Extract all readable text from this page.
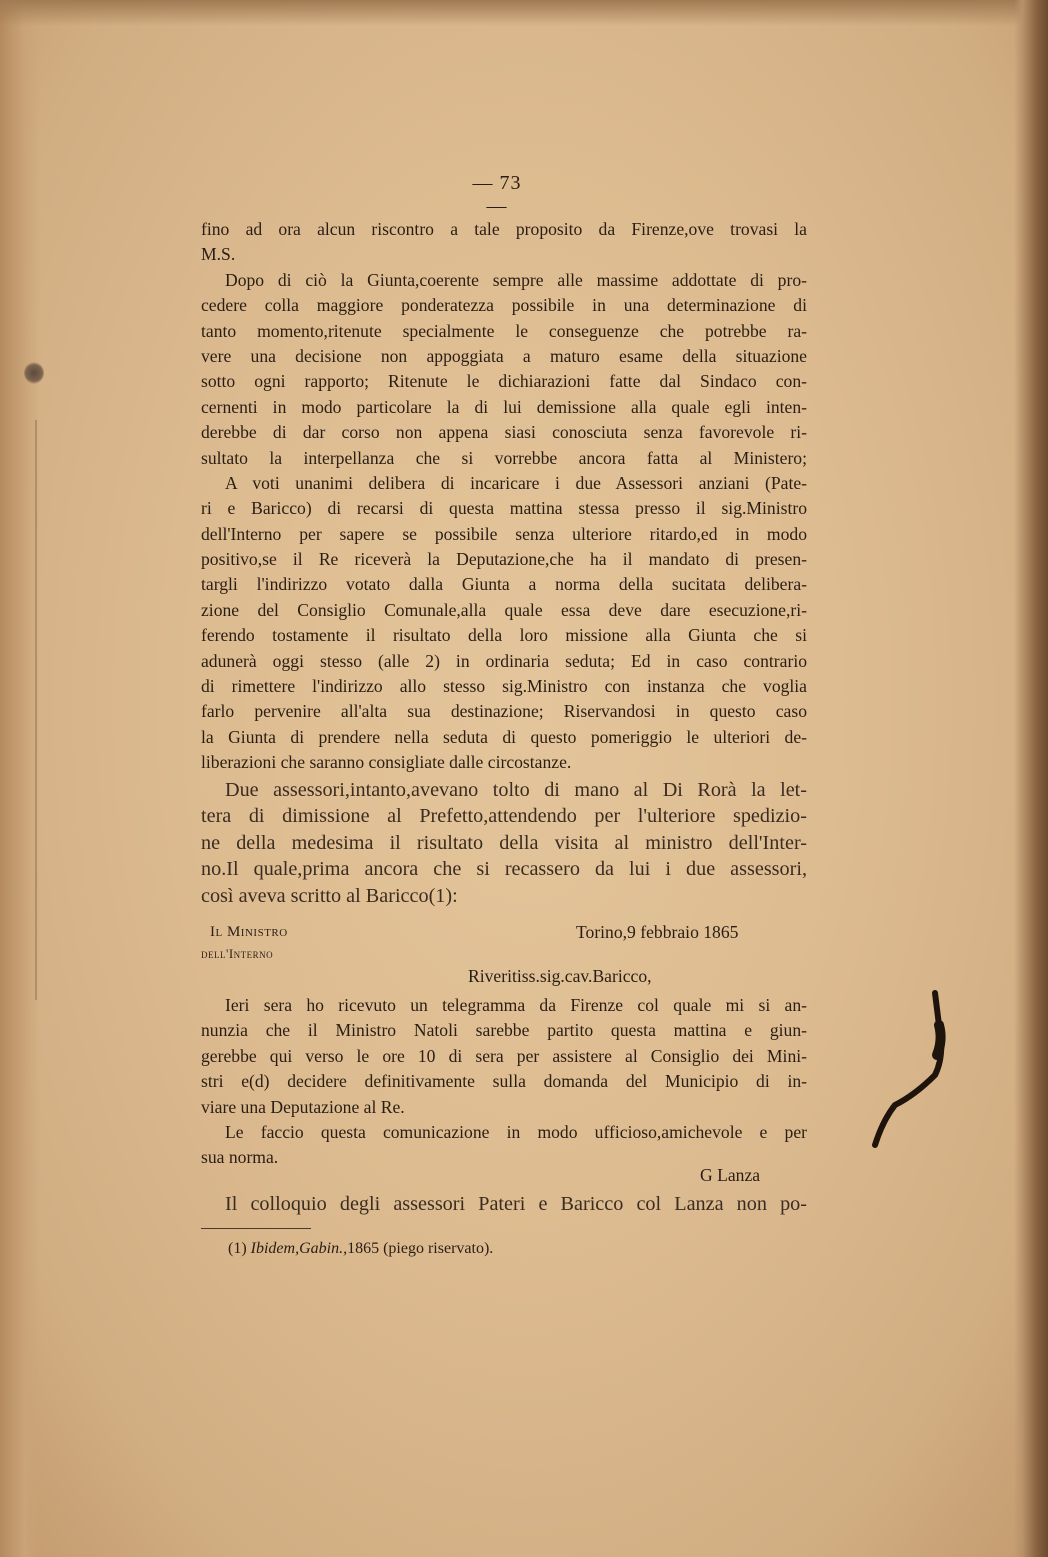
— 73 —
fino ad ora alcun riscontro a tale proposito da Firenze,ove trovasi la
M.S.
Dopo di ciò la Giunta,coerente sempre alle massime addottate di pro-
cedere colla maggiore ponderatezza possibile in una determinazione di
tanto momento,ritenute specialmente le conseguenze che potrebbe ra-
vere una decisione non appoggiata a maturo esame della situazione
sotto ogni rapporto; Ritenute le dichiarazioni fatte dal Sindaco con-
cernenti in modo particolare la di lui demissione alla quale egli inten-
derebbe di dar corso non appena siasi conosciuta senza favorevole ri-
sultato la interpellanza che si vorrebbe ancora fatta al Ministero;
A voti unanimi delibera di incaricare i due Assessori anziani (Pate-
ri e Baricco) di recarsi di questa mattina stessa presso il sig.Ministro
dell'Interno per sapere se possibile senza ulteriore ritardo,ed in modo
positivo,se il Re riceverà la Deputazione,che ha il mandato di presen-
targli l'indirizzo votato dalla Giunta a norma della sucitata delibera-
zione del Consiglio Comunale,alla quale essa deve dare esecuzione,ri-
ferendo tostamente il risultato della loro missione alla Giunta che si
adunerà oggi stesso (alle 2) in ordinaria seduta; Ed in caso contrario
di rimettere l'indirizzo allo stesso sig.Ministro con instanza che voglia
farlo pervenire all'alta sua destinazione; Riservandosi in questo caso
la Giunta di prendere nella seduta di questo pomeriggio le ulteriori de-
liberazioni che saranno consigliate dalle circostanze.
Due assessori,intanto,avevano tolto di mano al Di Rorà la let-
tera di dimissione al Prefetto,attendendo per l'ulteriore spedizio-
ne della medesima il risultato della visita al ministro dell'Inter-
no.Il quale,prima ancora che si recassero da lui i due assessori,
così aveva scritto al Baricco(1):
Il Ministro
dell'Interno
Torino,9 febbraio 1865
Riveritiss.sig.cav.Baricco,
Ieri sera ho ricevuto un telegramma da Firenze col quale mi si an-
nunzia che il Ministro Natoli sarebbe partito questa mattina e giun-
gerebbe qui verso le ore 10 di sera per assistere al Consiglio dei Mini-
stri e(d) decidere definitivamente sulla domanda del Municipio di in-
viare una Deputazione al Re.
Le faccio questa comunicazione in modo ufficioso,amichevole e per
sua norma.
G Lanza
Il colloquio degli assessori Pateri e Baricco col Lanza non po-
(1) Ibidem,Gabin.,1865 (piego riservato).
